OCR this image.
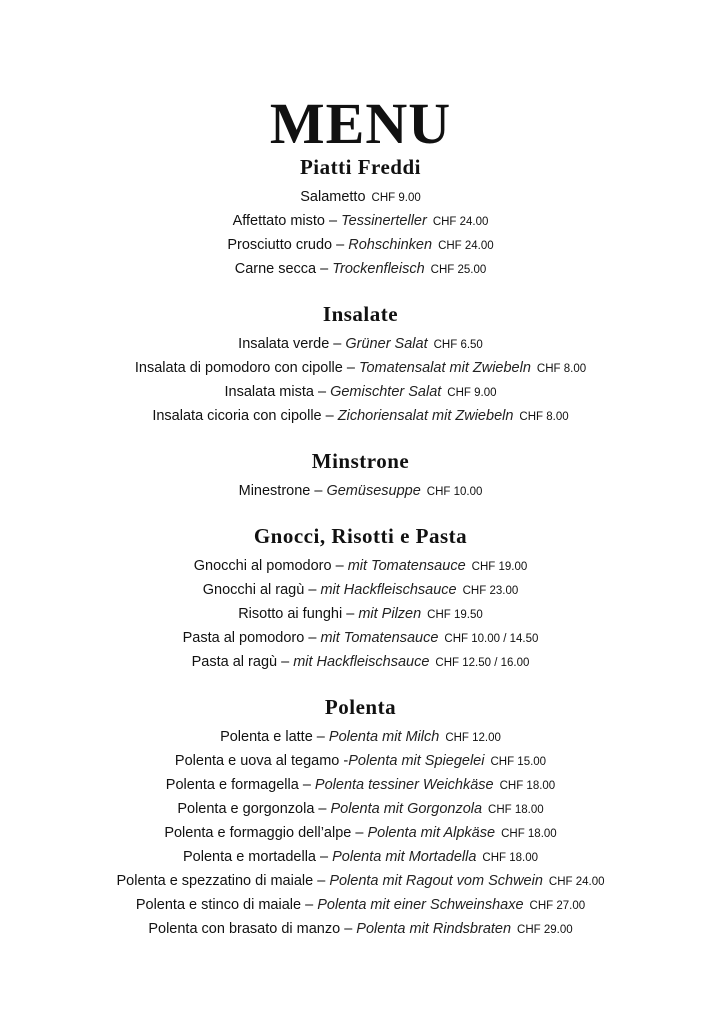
MENU
Piatti Freddi
Salametto CHF 9.00
Affettato misto – Tessinerteller CHF 24.00
Prosciutto crudo – Rohschinken CHF 24.00
Carne secca – Trockenfleisch CHF 25.00
Insalate
Insalata verde – Grüner Salat CHF 6.50
Insalata di pomodoro con cipolle – Tomatensalat mit Zwiebeln CHF 8.00
Insalata mista – Gemischter Salat CHF 9.00
Insalata cicoria con cipolle – Zichoriensalat mit Zwiebeln CHF 8.00
Minstrone
Minestrone – Gemüsesuppe CHF 10.00
Gnocci, Risotti e Pasta
Gnocchi al pomodoro – mit Tomatensauce CHF 19.00
Gnocchi al ragù – mit Hackfleischsauce CHF 23.00
Risotto ai funghi – mit Pilzen CHF 19.50
Pasta al pomodoro – mit Tomatensauce CHF 10.00 / 14.50
Pasta al ragù – mit Hackfleischsauce CHF 12.50 / 16.00
Polenta
Polenta e latte – Polenta mit Milch CHF 12.00
Polenta e uova al tegamo -Polenta mit Spiegelei CHF 15.00
Polenta e formagella – Polenta tessiner Weichkäse CHF 18.00
Polenta e gorgonzola – Polenta mit Gorgonzola CHF 18.00
Polenta e formaggio dell’alpe – Polenta mit Alpkäse CHF 18.00
Polenta e mortadella – Polenta mit Mortadella CHF 18.00
Polenta e spezzatino di maiale – Polenta mit Ragout vom Schwein CHF 24.00
Polenta e stinco di maiale – Polenta mit einer Schweinshaxe CHF 27.00
Polenta con brasato di manzo – Polenta mit Rindsbraten CHF 29.00
